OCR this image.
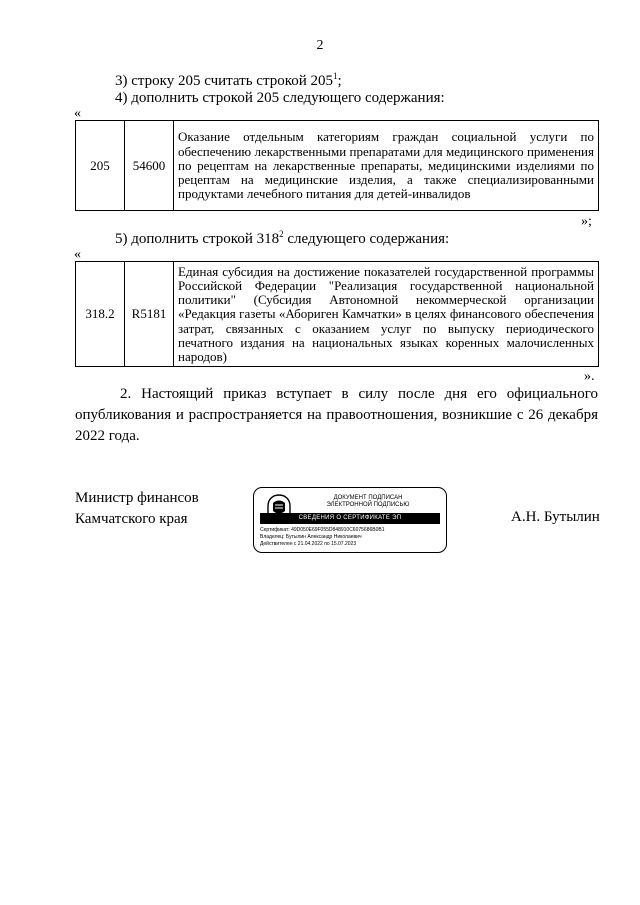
2
3) строку 205 считать строкой $205^1$;
4) дополнить строкой 205 следующего содержания:
«
205	54600	Оказание отдельным категориям граждан социальной услуги по обеспечению лекарственными препаратами для медицинского применения по рецептам на лекарственные препараты, медицинскими изделиями по рецептам на медицинские изделия, а также специализированными продуктами лечебного питания для детей-инвалидов
»;
5) дополнить строкой $318^2$ следующего содержания:
«
318.2	R5181	Единая субсидия на достижение показателей государственной программы Российской Федерации "Реализация государственной национальной политики" (Субсидия Автономной некоммерческой организации «Редакция газеты «Абориген Камчатки» в целях финансового обеспечения затрат, связанных с оказанием услуг по выпуску периодического печатного издания на национальных языках коренных малочисленных народов)
».
2. Настоящий приказ вступает в силу после дня его официального опубликования и распространяется на правоотношения, возникшие с 26 декабря 2022 года.
Министр финансов
Камчатского края
ДОКУМЕНТ ПОДПИСАН
ЭЛЕКТРОННОЙ ПОДПИСЬЮ
СВЕДЕНИЯ О СЕРТИФИКАТЕ ЭП
Сертификат: 49D050E69F055D848910C6075686B0B1
Владелец: Бутылин Александр Николаевич
Действителен с 21.04.2022 по 15.07.2023
А.Н. Бутылин
